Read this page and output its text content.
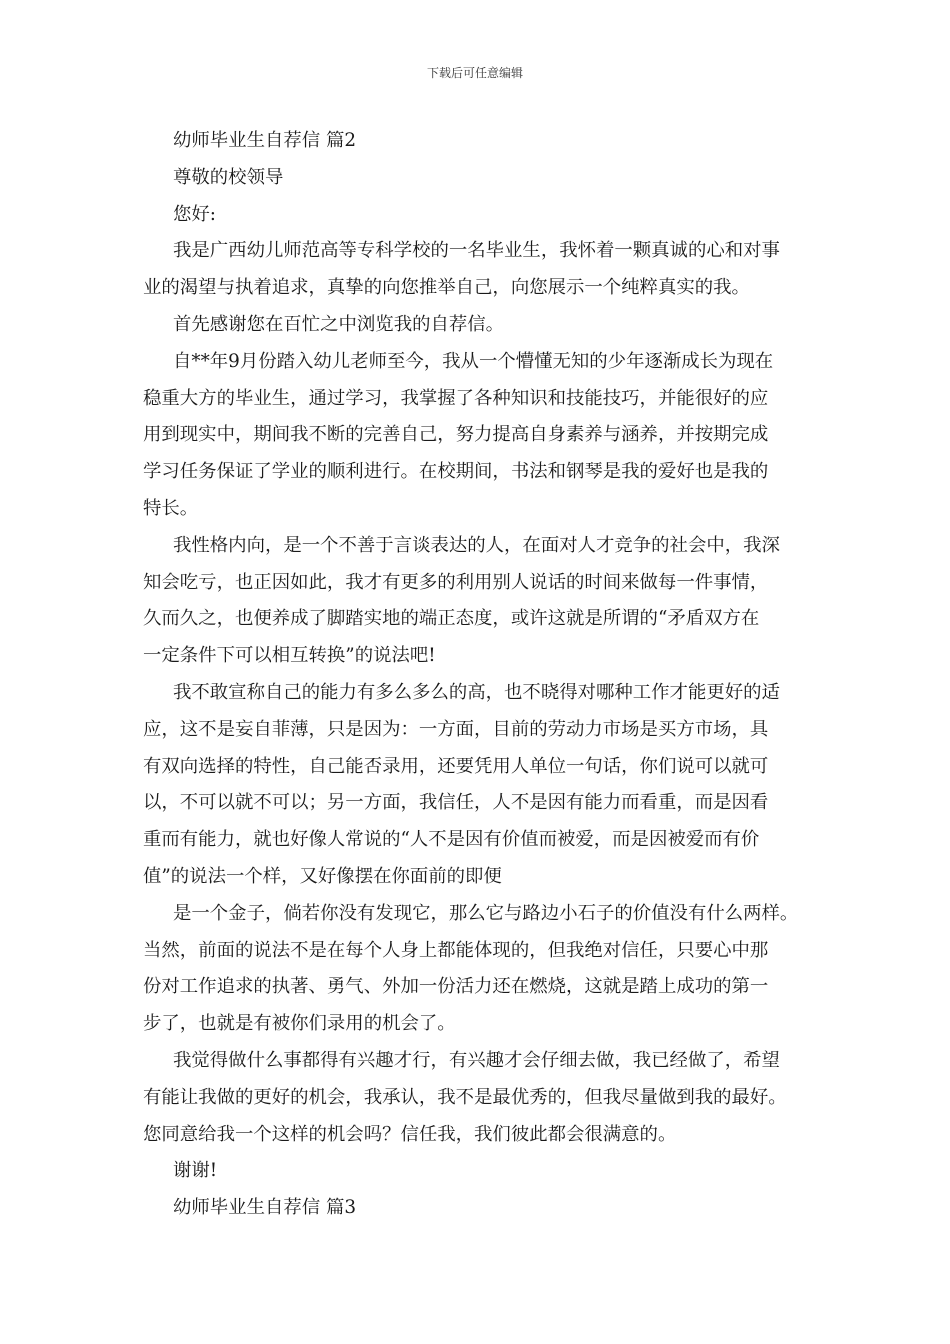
下载后可任意编辑
幼师毕业生自荐信 篇2
尊敬的校领导
您好:
我是广西幼儿师范高等专科学校的一名毕业生，我怀着一颗真诚的心和对事
业的渴望与执着追求，真挚的向您推举自己，向您展示一个纯粹真实的我。
首先感谢您在百忙之中浏览我的自荐信。
自**年9月份踏入幼儿老师至今，我从一个懵懂无知的少年逐渐成长为现在
稳重大方的毕业生，通过学习，我掌握了各种知识和技能技巧，并能很好的应
用到现实中，期间我不断的完善自己，努力提高自身素养与涵养，并按期完成
学习任务保证了学业的顺利进行。在校期间，书法和钢琴是我的爱好也是我的
特长。
我性格内向，是一个不善于言谈表达的人，在面对人才竞争的社会中，我深
知会吃亏，也正因如此，我才有更多的利用别人说话的时间来做每一件事情，
久而久之，也便养成了脚踏实地的端正态度，或许这就是所谓的“矛盾双方在
一定条件下可以相互转换”的说法吧!
我不敢宣称自己的能力有多么多么的高，也不晓得对哪种工作才能更好的适
应，这不是妄自菲薄，只是因为：一方面，目前的劳动力市场是买方市场，具
有双向选择的特性，自己能否录用，还要凭用人单位一句话，你们说可以就可
以，不可以就不可以；另一方面，我信任，人不是因有能力而看重，而是因看
重而有能力，就也好像人常说的“人不是因有价值而被爱，而是因被爱而有价
值”的说法一个样，又好像摆在你面前的即便
是一个金子，倘若你没有发现它，那么它与路边小石子的价值没有什么两样。
当然，前面的说法不是在每个人身上都能体现的，但我绝对信任，只要心中那
份对工作追求的执著、勇气、外加一份活力还在燃烧，这就是踏上成功的第一
步了，也就是有被你们录用的机会了。
我觉得做什么事都得有兴趣才行，有兴趣才会仔细去做，我已经做了，希望
有能让我做的更好的机会，我承认，我不是最优秀的，但我尽量做到我的最好。
您同意给我一个这样的机会吗？信任我，我们彼此都会很满意的。
谢谢!
幼师毕业生自荐信 篇3
